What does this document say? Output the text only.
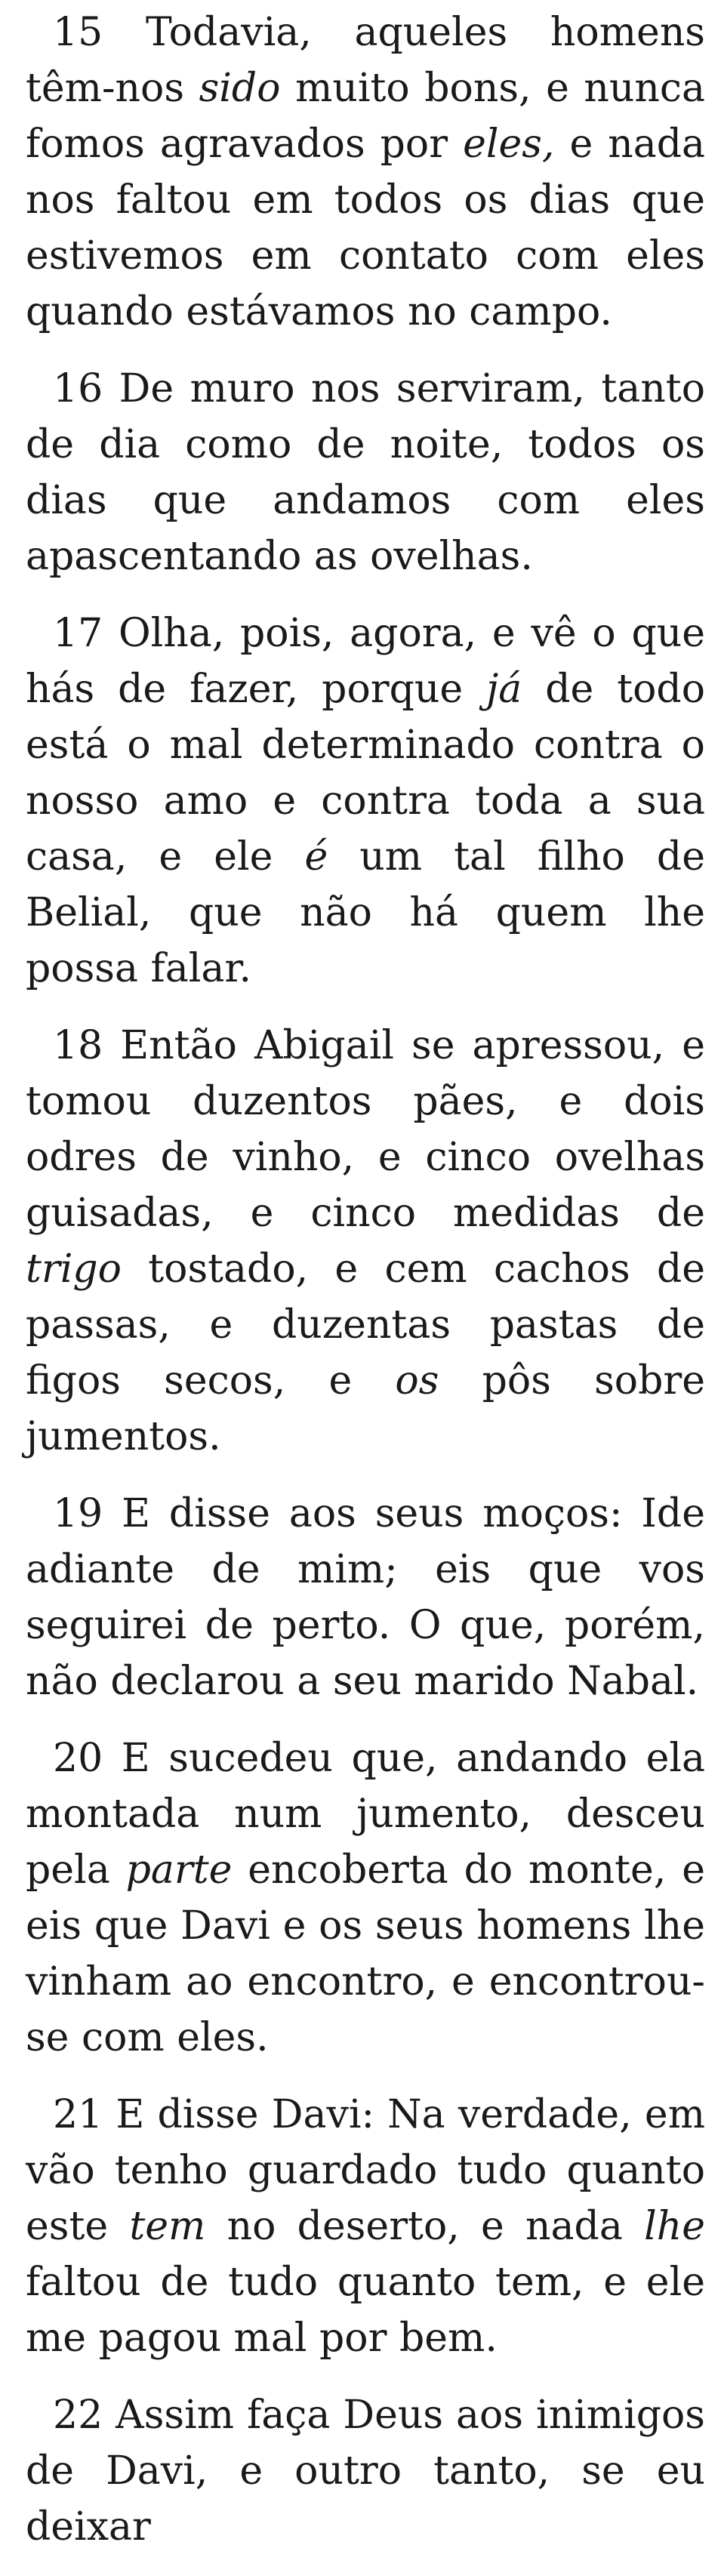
15 Todavia, aqueles homens têm-nos sido muito bons, e nunca fomos agravados por eles, e nada nos faltou em todos os dias que estivemos em contato com eles quando estávamos no campo.

16 De muro nos serviram, tanto de dia como de noite, todos os dias que andamos com eles apascentando as ovelhas.

17 Olha, pois, agora, e vê o que hás de fazer, porque já de todo está o mal determinado contra o nosso amo e contra toda a sua casa, e ele é um tal filho de Belial, que não há quem lhe possa falar.

18 Então Abigail se apressou, e tomou duzentos pães, e dois odres de vinho, e cinco ovelhas guisadas, e cinco medidas de trigo tostado, e cem cachos de passas, e duzentas pastas de figos secos, e os pôs sobre jumentos.

19 E disse aos seus moços: Ide adiante de mim; eis que vos seguirei de perto. O que, porém, não declarou a seu marido Nabal.

20 E sucedeu que, andando ela montada num jumento, desceu pela parte encoberta do monte, e eis que Davi e os seus homens lhe vinham ao encontro, e encontrou-se com eles.

21 E disse Davi: Na verdade, em vão tenho guardado tudo quanto este tem no deserto, e nada lhe faltou de tudo quanto tem, e ele me pagou mal por bem.

22 Assim faça Deus aos inimigos de Davi, e outro tanto, se eu deixar
